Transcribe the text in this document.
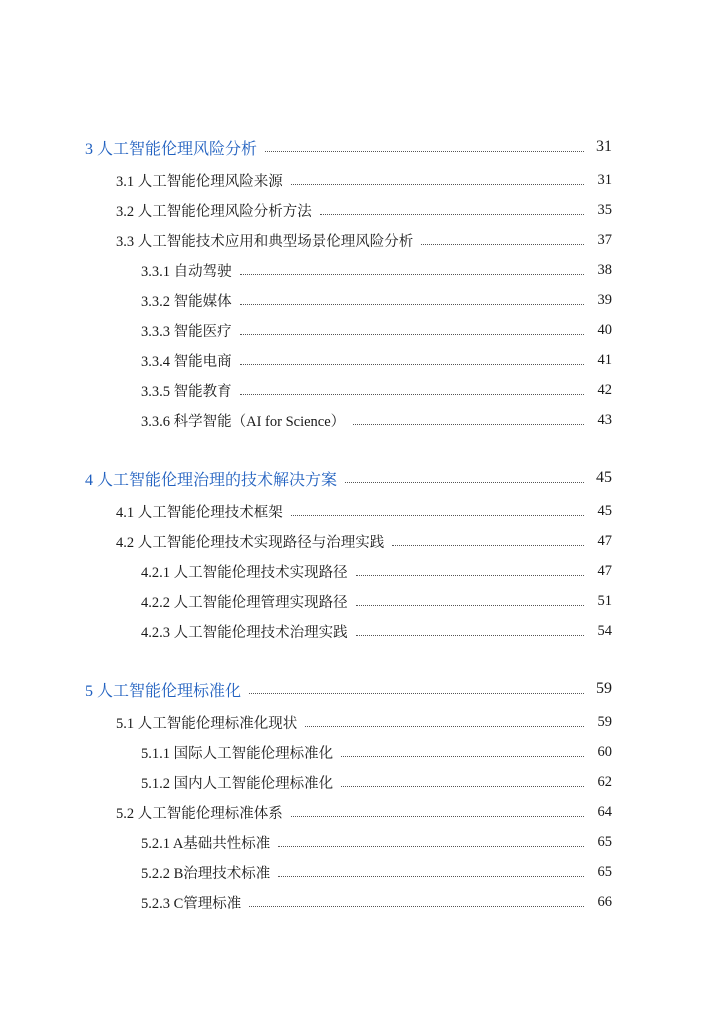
3 人工智能伦理风险分析	31
3.1 人工智能伦理风险来源	31
3.2 人工智能伦理风险分析方法	35
3.3 人工智能技术应用和典型场景伦理风险分析	37
3.3.1 自动驾驶	38
3.3.2 智能媒体	39
3.3.3 智能医疗	40
3.3.4 智能电商	41
3.3.5 智能教育	42
3.3.6 科学智能（AI for Science）	43
4 人工智能伦理治理的技术解决方案	45
4.1 人工智能伦理技术框架	45
4.2 人工智能伦理技术实现路径与治理实践	47
4.2.1 人工智能伦理技术实现路径	47
4.2.2 人工智能伦理管理实现路径	51
4.2.3 人工智能伦理技术治理实践	54
5 人工智能伦理标准化	59
5.1 人工智能伦理标准化现状	59
5.1.1 国际人工智能伦理标准化	60
5.1.2 国内人工智能伦理标准化	62
5.2 人工智能伦理标准体系	64
5.2.1 A基础共性标准	65
5.2.2 B治理技术标准	65
5.2.3 C管理标准	66
